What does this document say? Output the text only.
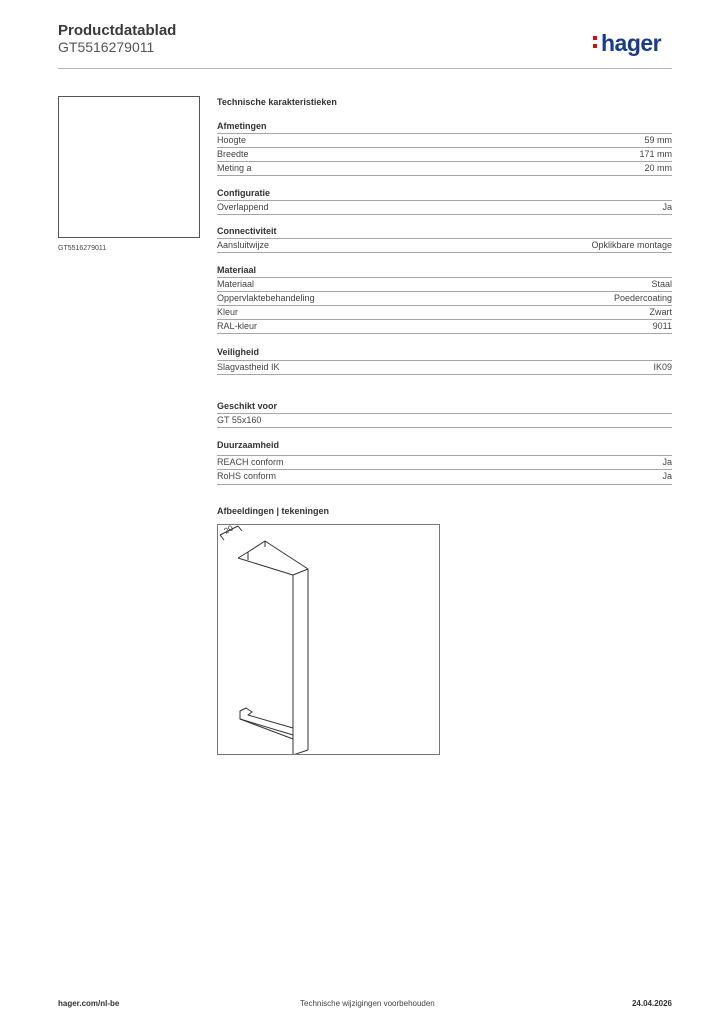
Productdatablad
GT5516279011	hager
GT5516279011
Technische karakteristieken
Afmetingen
Hoogte	59 mm
Breedte	171 mm
Meting a	20 mm
Configuratie
Overlappend	Ja
Connectiviteit
Aansluitwijze	Opklikbare montage
Materiaal
Materiaal	Staal
Oppervlaktebehandeling	Poedercoating
Kleur	Zwart
RAL-kleur	9011
Veiligheid
Slagvastheid IK	IK09
Geschikt voor
GT 55x160
Duurzaamheid
REACH conform	Ja
RoHS conform	Ja
Afbeeldingen | tekeningen
20
hager.com/nl-be	Technische wijzigingen voorbehouden	24.04.2026
